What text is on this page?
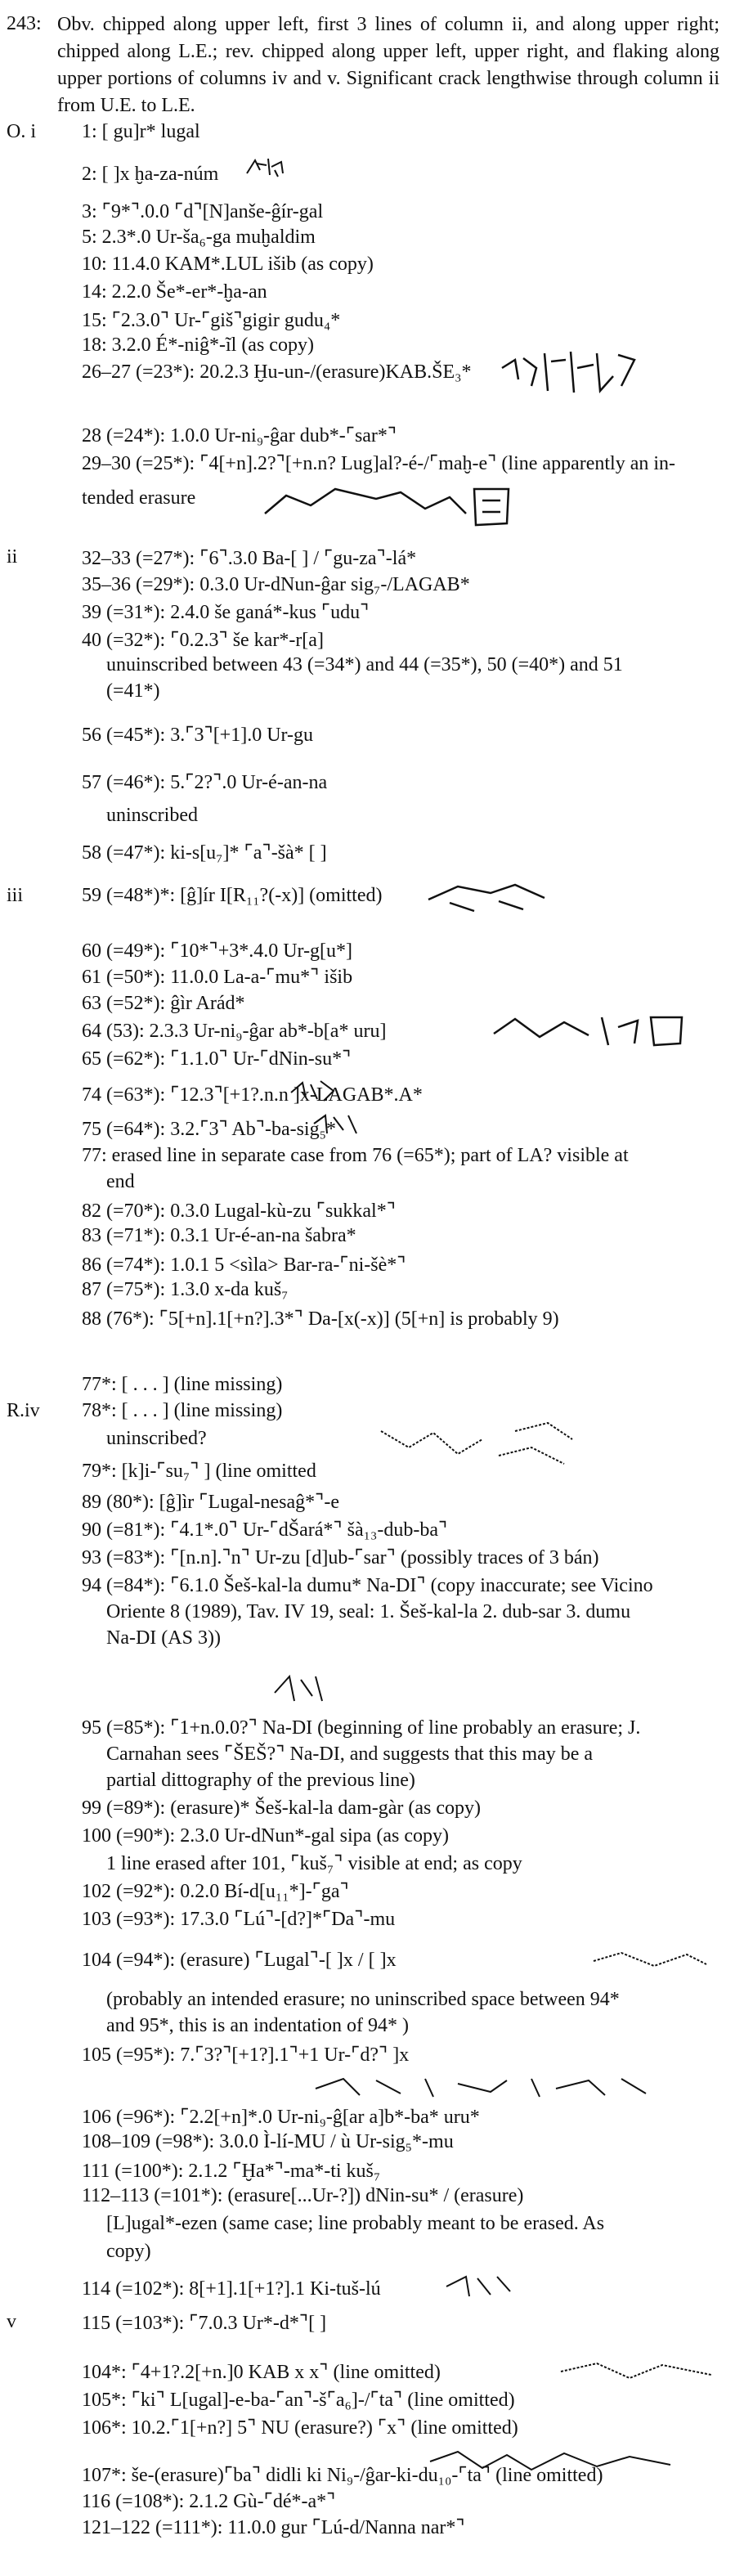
243: Obv. chipped along upper left, first 3 lines of column ii, and along upper right; chipped along L.E.; rev. chipped along upper left, upper right, and flaking along upper portions of columns iv and v. Significant crack lengthwise through column ii from U.E. to L.E.
O. i 1: [ gu]r* lugal
2: [ ]x ḫa-za-núm
3: ⌜9*⌝.0.0 ⌜d⌝[N]anše-ĝír-gal
5: 2.3*.0 Ur-ša₆-ga muḫaldim
10: 11.4.0 KAM*.LUL išib (as copy)
14: 2.2.0 Še*-er*-ḫa-an
15: ⌜2.3.0⌝ Ur-⌜giš⌝gigir gudu₄*
18: 3.2.0 É*-niĝ*-ĩl (as copy)
26–27 (=23*): 20.2.3 Ḫu-un-/(erasure)KAB.ŠE₃*
28 (=24*): 1.0.0 Ur-ni₉-ĝar dub*-⌜sar*⌝
29–30 (=25*): ⌜4[+n].2?⌝[+n.n? Lug]al?-é-/⌜maḫ-e⌝ (line apparently an in-
tended erasure
ii	32–33 (=27*): ⌜6⌝.3.0 Ba-[ ] / ⌜gu-za⌝-lá*
35–36 (=29*): 0.3.0 Ur-dNun-ĝar sig₇-/LAGAB*
39 (=31*): 2.4.0 še ganá*-kus ⌜udu⌝
40 (=32*): ⌜0.2.3⌝ še kar*-r[a]
unuinscribed between 43 (=34*) and 44 (=35*), 50 (=40*) and 51
(=41*)
56 (=45*): 3.⌜3⌝[+1].0 Ur-gu
57 (=46*): 5.⌜2?⌝.0 Ur-é-an-na
uninscribed
58 (=47*): ki-s[u₇]* ⌜a⌝-šà* [ ]
iii	59 (=48*)*: [ĝ]ír I[R₁₁?(-x)] (omitted)
60 (=49*): ⌜10*⌝+3*.4.0 Ur-g[u*]
61 (=50*): 11.0.0 La-a-⌜mu*⌝ išib
63 (=52*): ĝìr Arád*
64 (53): 2.3.3 Ur-ni₉-ĝar ab*-b[a* uru]
65 (=62*): ⌜1.1.0⌝ Ur-⌜dNin-su*⌝
74 (=63*): ⌜12.3⌝[+1?.n.n ]x-LAGAB*.A*
75 (=64*): 3.2.⌜3⌝ Ab⌝-ba-sig₅*
77: erased line in separate case from 76 (=65*); part of LA? visible at
end
82 (=70*): 0.3.0 Lugal-kù-zu ⌜sukkal*⌝
83 (=71*): 0.3.1 Ur-é-an-na šabra*
86 (=74*): 1.0.1 5 <sìla> Bar-ra-⌜ni-šè*⌝
87 (=75*): 1.3.0 x-da kuš₇
88 (76*): ⌜5[+n].1[+n?].3*⌝ Da-[x(-x)] (5[+n] is probably 9)
77*: [ . . . ] (line missing)
R.iv 78*: [ . . . ] (line missing)
uninscribed?
79*: [k]i-⌜su₇⌝ ] (line omitted
89 (80*): [ĝ]ìr ⌜Lugal-nesaĝ*⌝-e
90 (=81*): ⌜4.1*.0⌝ Ur-⌜dŠará*⌝ šà₁₃-dub-ba⌝
93 (=83*): ⌜[n.n].⌝n⌝ Ur-zu [d]ub-⌜sar⌝ (possibly traces of 3 bán)
94 (=84*): ⌜6.1.0 Šeš-kal-la dumu* Na-DI⌝ (copy inaccurate; see Vicino
Oriente 8 (1989), Tav. IV 19, seal: 1. Šeš-kal-la 2. dub-sar 3. dumu
Na-DI (AS 3))
95 (=85*): ⌜1+n.0.0?⌝ Na-DI (beginning of line probably an erasure; J.
Carnahan sees ⌜ŠEŠ?⌝ Na-DI, and suggests that this may be a
partial dittography of the previous line)
99 (=89*): (erasure)* Šeš-kal-la dam-gàr (as copy)
100 (=90*): 2.3.0 Ur-dNun*-gal sipa (as copy)
1 line erased after 101, ⌜kuš₇⌝ visible at end; as copy
102 (=92*): 0.2.0 Bí-d[u₁₁*]-⌜ga⌝
103 (=93*): 17.3.0 ⌜Lú⌝-[d?]*⌜Da⌝-mu
104 (=94*): (erasure) ⌜Lugal⌝-[ ]x / [ ]x
(probably an intended erasure; no uninscribed space between 94*
and 95*, this is an indentation of 94* )
105 (=95*): 7.⌜3?⌝[+1?].1⌝+1 Ur-⌜d?⌝ ]x
106 (=96*): ⌜2.2[+n]*.0 Ur-ni₉-ĝ[ar a]b*-ba* uru*
108–109 (=98*): 3.0.0 Ì-lí-MU / ù Ur-sig₅*-mu
111 (=100*): 2.1.2 ⌜Ḫa*⌝-ma*-ti kuš₇
112–113 (=101*): (erasure[...Ur-?]) dNin-su* / (erasure)
[L]ugal*-ezen (same case; line probably meant to be erased. As
copy)
114 (=102*): 8[+1].1[+1?].1 Ki-tuš-lú
v	115 (=103*): ⌜7.0.3 Ur*-d*⌝[ ]
104*: ⌜4+1?.2[+n.]0 KAB x x⌝ (line omitted)
105*: ⌜ki⌝ L[ugal]-e-ba-⌜an⌝-š⌜a₆]-/⌜ta⌝ (line omitted)
106*: 10.2.⌜1[+n?] 5⌝ NU (erasure?) ⌜x⌝ (line omitted)
107*: še-(erasure)⌜ba⌝ didli ki Ni₉-/ĝar-ki-du₁₀-⌜ta⌝ (line omitted)
116 (=108*): 2.1.2 Gù-⌜dé*-a*⌝
121–122 (=111*): 11.0.0 gur ⌜Lú-d/Nanna nar*⌝
